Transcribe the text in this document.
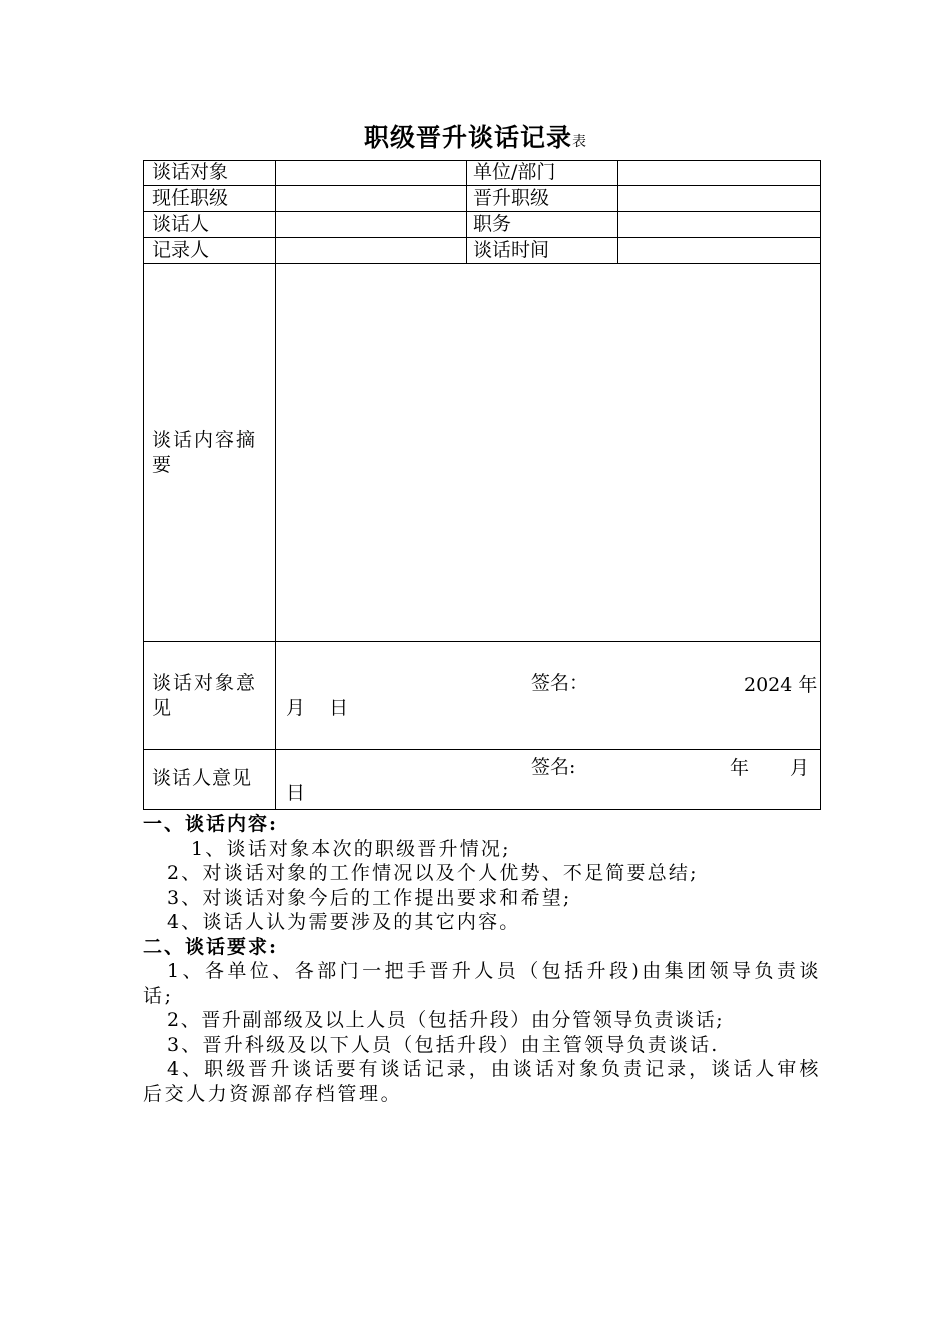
职级晋升谈话记录表
谈话对象	单位/部门
现任职级	晋升职级
谈话人	职务
记录人	谈话时间
谈话内容摘要
谈话对象意见
签名：	2024 年
月    日
谈话人意见	签名:	年 月
日
一、谈话内容:
1、谈话对象本次的职级晋升情况;
2、对谈话对象的工作情况以及个人优势、不足简要总结;
3、对谈话对象今后的工作提出要求和希望;
4、谈话人认为需要涉及的其它内容。
二、谈话要求:
1、各单位、各部门一把手晋升人员（包括升段)由集团领导负责谈话;
2、晋升副部级及以上人员（包括升段）由分管领导负责谈话;
3、晋升科级及以下人员（包括升段）由主管领导负责谈话.
4、职级晋升谈话要有谈话记录，由谈话对象负责记录，谈话人审核后交人力资源部存档管理。
